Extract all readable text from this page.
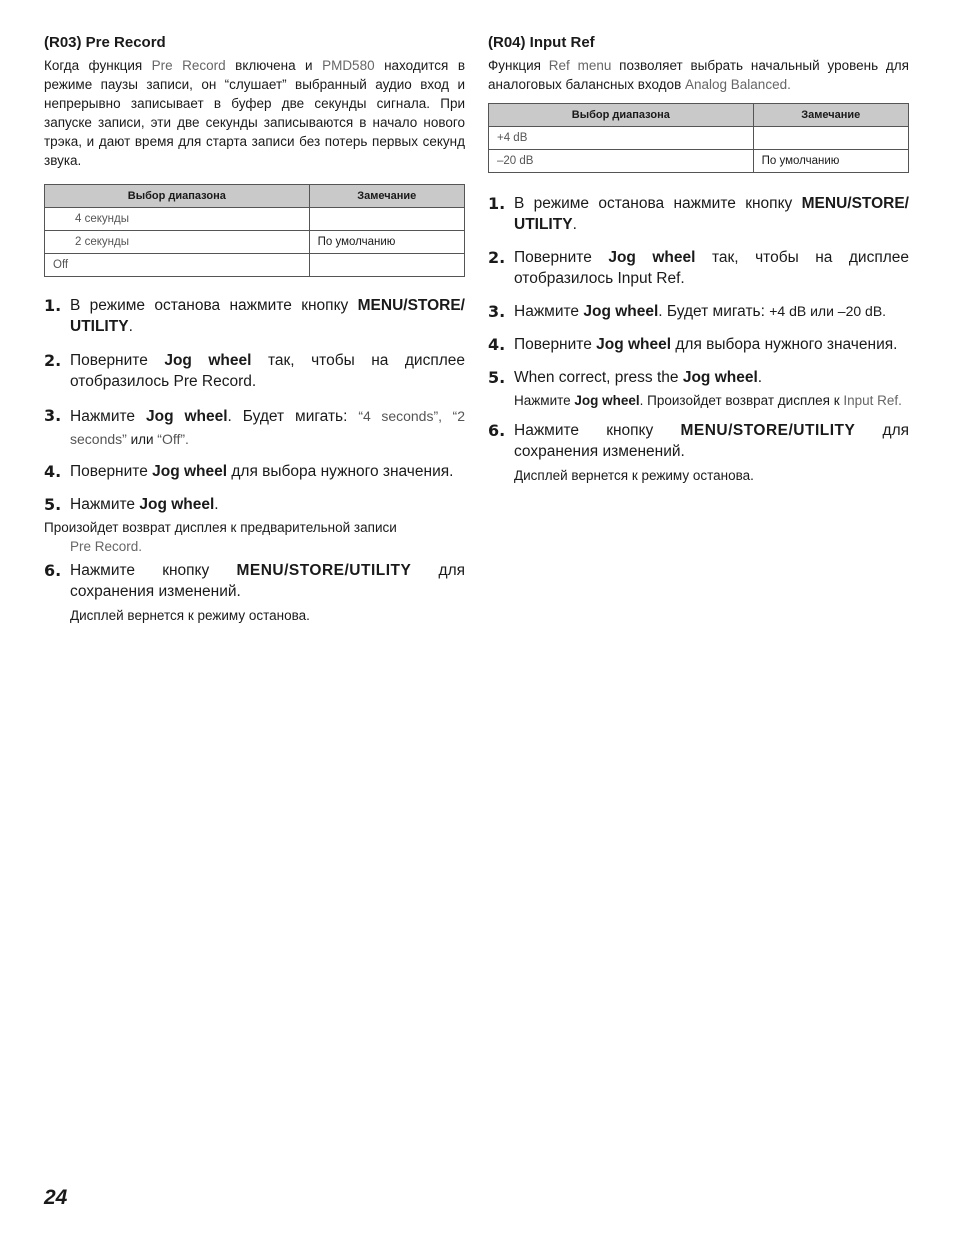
(R03) Pre Record

Когда функция Pre Record включена и PMD580 находится в режиме паузы записи, он “слушает” выбранный аудио вход и непрерывно записывает в буфер две секунды сигнала. При запуске записи, эти две секунды записываются в начало нового трэка, и дают время для старта записи без потерь первых секунд звука.

Выбор диапазона	Замечание
4 секунды	
2 секунды	По умолчанию
Off	
1. В режиме останова нажмите кнопку MENU/STORE/ UTILITY.
2. Поверните Jog wheel так, чтобы на дисплее отобразилось Pre Record.
3. Нажмите Jog wheel. Будет мигать: “4 seconds”, “2 seconds” или “Off”.
4. Поверните Jog wheel для выбора нужного значения.
5. Нажмите Jog wheel.
Произойдет возврат дисплея к предварительной записи
Pre Record.
6. Нажмите кнопку MENU/STORE/UTILITY для сохранения изменений.
Дисплей вернется к режиму останова.
(R04) Input Ref

Функция Ref menu позволяет выбрать начальный уровень для аналоговых балансных входов Analog Balanced.

Выбор диапазона	Замечание
+4 dB	
–20 dB	По умолчанию
1. В режиме останова нажмите кнопку MENU/STORE/ UTILITY.
2. Поверните Jog wheel так, чтобы на дисплее отобразилось Input Ref.
3. Нажмите Jog wheel. Будет мигать: +4 dB или –20 dB.
4. Поверните Jog wheel для выбора нужного значения.
5. When correct, press the Jog wheel.
Нажмите Jog wheel. Произойдет возврат дисплея к Input Ref.
6. Нажмите кнопку MENU/STORE/UTILITY для сохранения изменений.
Дисплей вернется к режиму останова.
24
